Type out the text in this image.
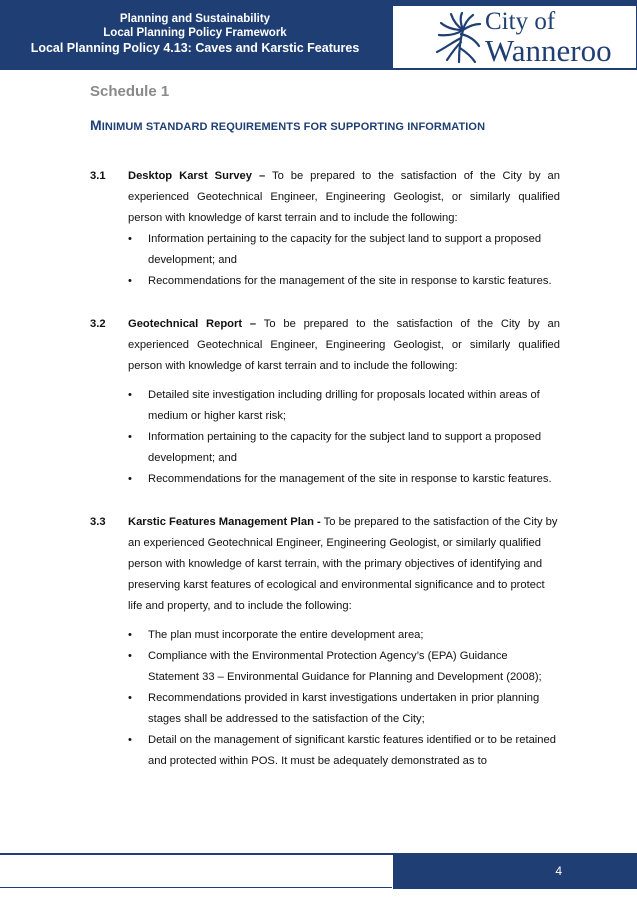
Planning and Sustainability
Local Planning Policy Framework
Local Planning Policy 4.13: Caves and Karstic Features
City of
Wanneroo
Schedule 1
MINIMUM STANDARD REQUIREMENTS FOR SUPPORTING INFORMATION
3.1 Desktop Karst Survey – To be prepared to the satisfaction of the City by an experienced Geotechnical Engineer, Engineering Geologist, or similarly qualified person with knowledge of karst terrain and to include the following:

• Information pertaining to the capacity for the subject land to support a proposed development; and
• Recommendations for the management of the site in response to karstic features.
3.2 Geotechnical Report – To be prepared to the satisfaction of the City by an experienced Geotechnical Engineer, Engineering Geologist, or similarly qualified person with knowledge of karst terrain and to include the following:

• Detailed site investigation including drilling for proposals located within areas of medium or higher karst risk;
• Information pertaining to the capacity for the subject land to support a proposed development; and
• Recommendations for the management of the site in response to karstic features.
3.3 Karstic Features Management Plan - To be prepared to the satisfaction of the City by an experienced Geotechnical Engineer, Engineering Geologist, or similarly qualified person with knowledge of karst terrain, with the primary objectives of identifying and preserving karst features of ecological and environmental significance and to protect life and property, and to include the following:

• The plan must incorporate the entire development area;
• Compliance with the Environmental Protection Agency’s (EPA) Guidance Statement 33 – Environmental Guidance for Planning and Development (2008);
• Recommendations provided in karst investigations undertaken in prior planning stages shall be addressed to the satisfaction of the City;
• Detail on the management of significant karstic features identified or to be retained and protected within POS. It must be adequately demonstrated as to
4
